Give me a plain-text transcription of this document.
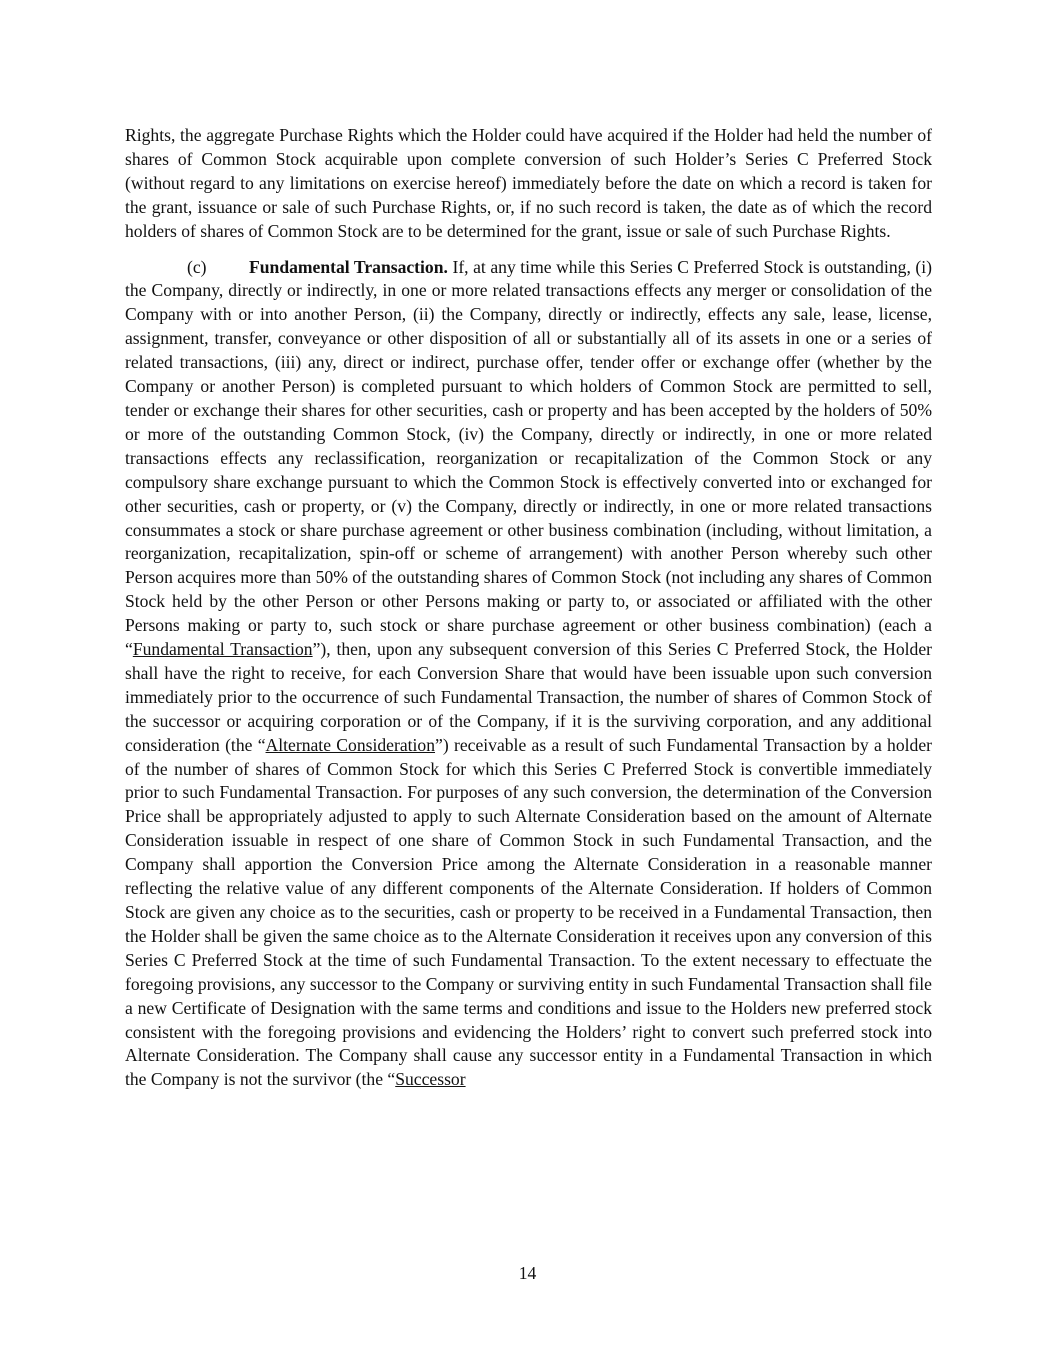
Rights, the aggregate Purchase Rights which the Holder could have acquired if the Holder had held the number of shares of Common Stock acquirable upon complete conversion of such Holder’s Series C Preferred Stock (without regard to any limitations on exercise hereof) immediately before the date on which a record is taken for the grant, issuance or sale of such Purchase Rights, or, if no such record is taken, the date as of which the record holders of shares of Common Stock are to be determined for the grant, issue or sale of such Purchase Rights.

(c) Fundamental Transaction. If, at any time while this Series C Preferred Stock is outstanding, (i) the Company, directly or indirectly, in one or more related transactions effects any merger or consolidation of the Company with or into another Person, (ii) the Company, directly or indirectly, effects any sale, lease, license, assignment, transfer, conveyance or other disposition of all or substantially all of its assets in one or a series of related transactions, (iii) any, direct or indirect, purchase offer, tender offer or exchange offer (whether by the Company or another Person) is completed pursuant to which holders of Common Stock are permitted to sell, tender or exchange their shares for other securities, cash or property and has been accepted by the holders of 50% or more of the outstanding Common Stock, (iv) the Company, directly or indirectly, in one or more related transactions effects any reclassification, reorganization or recapitalization of the Common Stock or any compulsory share exchange pursuant to which the Common Stock is effectively converted into or exchanged for other securities, cash or property, or (v) the Company, directly or indirectly, in one or more related transactions consummates a stock or share purchase agreement or other business combination (including, without limitation, a reorganization, recapitalization, spin-off or scheme of arrangement) with another Person whereby such other Person acquires more than 50% of the outstanding shares of Common Stock (not including any shares of Common Stock held by the other Person or other Persons making or party to, or associated or affiliated with the other Persons making or party to, such stock or share purchase agreement or other business combination) (each a “Fundamental Transaction”), then, upon any subsequent conversion of this Series C Preferred Stock, the Holder shall have the right to receive, for each Conversion Share that would have been issuable upon such conversion immediately prior to the occurrence of such Fundamental Transaction, the number of shares of Common Stock of the successor or acquiring corporation or of the Company, if it is the surviving corporation, and any additional consideration (the “Alternate Consideration”) receivable as a result of such Fundamental Transaction by a holder of the number of shares of Common Stock for which this Series C Preferred Stock is convertible immediately prior to such Fundamental Transaction. For purposes of any such conversion, the determination of the Conversion Price shall be appropriately adjusted to apply to such Alternate Consideration based on the amount of Alternate Consideration issuable in respect of one share of Common Stock in such Fundamental Transaction, and the Company shall apportion the Conversion Price among the Alternate Consideration in a reasonable manner reflecting the relative value of any different components of the Alternate Consideration. If holders of Common Stock are given any choice as to the securities, cash or property to be received in a Fundamental Transaction, then the Holder shall be given the same choice as to the Alternate Consideration it receives upon any conversion of this Series C Preferred Stock at the time of such Fundamental Transaction. To the extent necessary to effectuate the foregoing provisions, any successor to the Company or surviving entity in such Fundamental Transaction shall file a new Certificate of Designation with the same terms and conditions and issue to the Holders new preferred stock consistent with the foregoing provisions and evidencing the Holders’ right to convert such preferred stock into Alternate Consideration. The Company shall cause any successor entity in a Fundamental Transaction in which the Company is not the survivor (the “Successor

14
